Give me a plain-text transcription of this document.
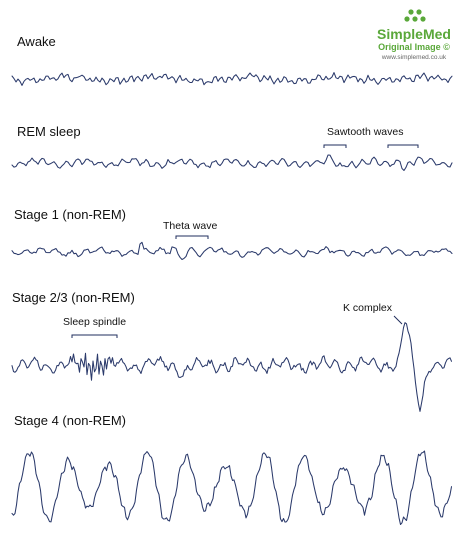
SimpleMed
Original Image ©
www.simplemed.co.uk
Awake
REM sleep
Stage 1 (non-REM)
Stage 2/3 (non-REM)
Stage 4 (non-REM)
Sawtooth waves
Theta wave
Sleep spindle
K complex
